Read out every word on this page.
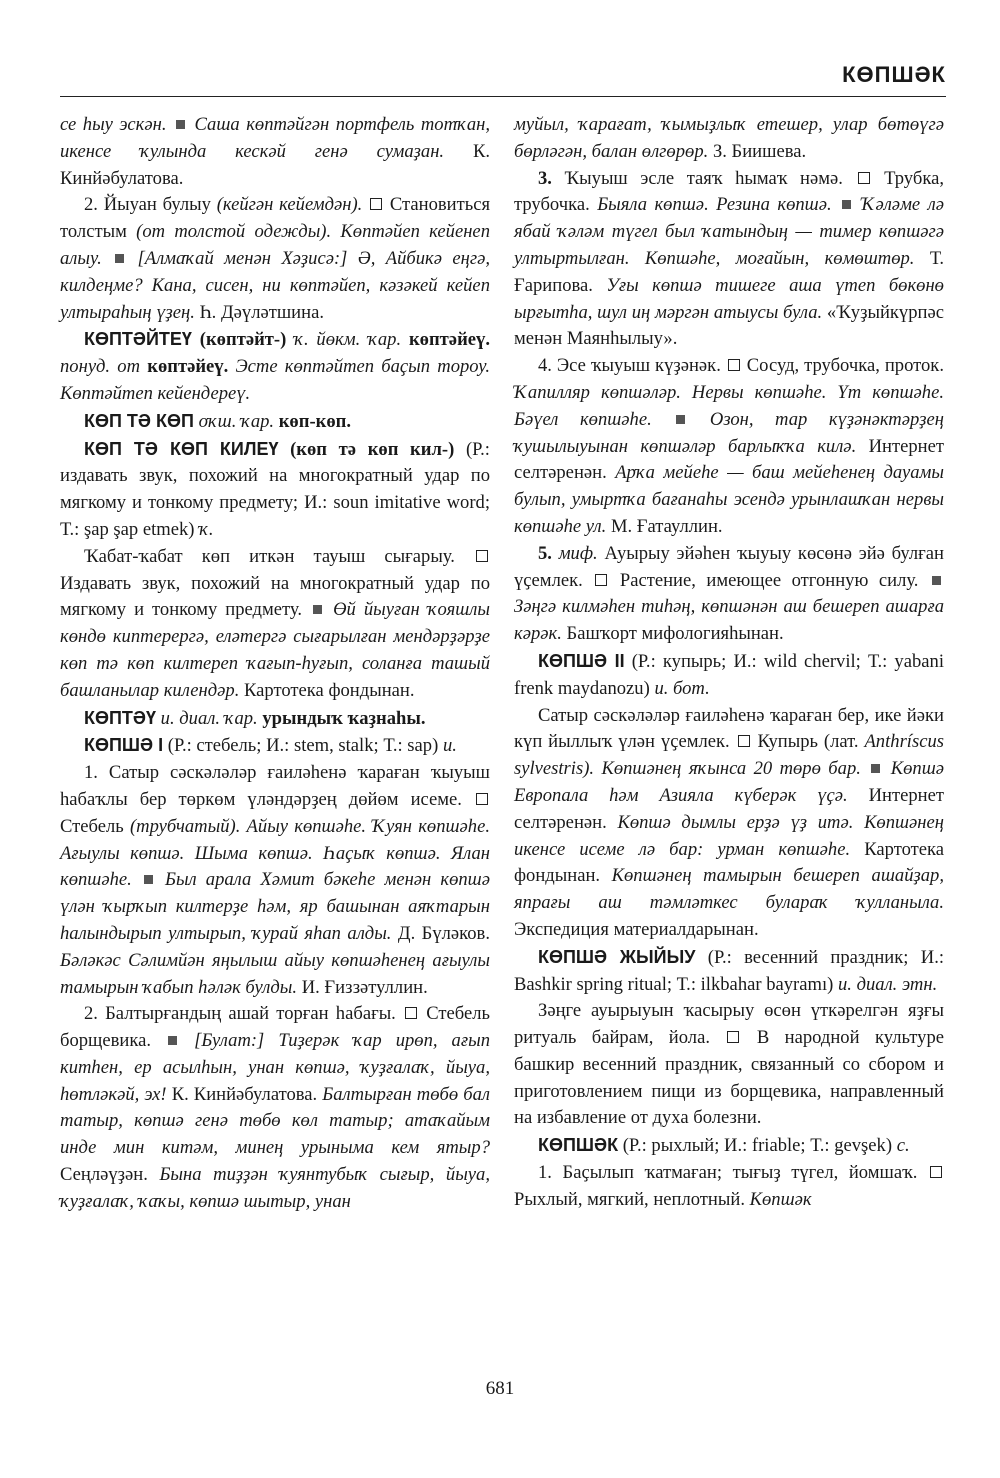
КӨПШӘК

се һыу эскән. Саша көптәйгән портфель тотҡан, икенсе ҡулында кескәй генә сумаҙан. К. Кинйәбулатова.

2. Йыуан булыу (кейгән кейемдән). Становиться толстым (от толстой одежды). Көптәйеп кейенеп алыу. [Алмаҡай менән Хәҙисә:] Ә, Айбикә еңгә, килдеңме? Кана, сисен, ни көптәйеп, кәзәкей кейеп ултыраһың үҙең. Һ. Дәүләтшина.

КӨПТӘЙТЕҮ (көптәйт-) ҡ. йөкм. ҡар. көптәйеү. понуд. от көптәйеү. Эсте көптәйтеп баҫып тороу. Көптәйтеп кейендереү.

КӨП ТӘ КӨП оҡш. ҡар. көп-көп.

КӨП ТӘ КӨП КИЛЕҮ (көп тә көп кил-) (Р.: издавать звук, похожий на многократный удар по мягкому и тонкому предмету; И.: soun imitative word; Т.: şap şap etmek) ҡ.

Ҡабат-ҡабат көп иткән тауыш сығарыу.  Издавать звук, похожий на многократный удар по мягкому и тонкому предмету. Өй йыуған ҡояшлы көндө киптерергә, еләтергә сығарылған мендәрҙәрҙе көп тә көп килтереп ҡағып-һуғып, соланға ташый башланылар килендәр. Картотека фондынан.

КӨПТӘҮ и. диал. ҡар. урындыҡ ҡаҙнаһы.

КӨПШӘ I (Р.: стебель; И.: stem, stalk; Т.: sap) и.

1. Сатыр сәскәләләр ғаиләһенә ҡараған ҡыуыш һабаҡлы бер төркөм үләндәрҙең дөйөм исеме.  Стебель (трубчатый). Айыу көпшәһе. Ҡуян көпшәһе. Ағыулы көпшә. Шыма көпшә. Һаҫыҡ көпшә. Ялан көпшәһе. Был арала Хәмит бәкеһе менән көпшә үлән ҡырҡып килтерҙе һәм, яр башынан аяҡтарын һалындырып ултырып, ҡурай яһап алды. Д. Бүләков. Бәләкәс Сәлимйән яңылыш айыу көпшәһенең ағыулы тамырын ҡабып һәләк булды. И. Ғиззәтуллин.

2. Балтырғандың ашай торған һабағы. Стебель борщевика. [Булат:] Тиҙерәк ҡар ирөп, ағып китһен, ер асылһын, унан көпшә, ҡуҙғалаҡ, йыуа, һөтләкәй, эх! К. Кинйәбулатова. Балтырған төбө бал татыр, көпшә генә төбө көл татыр; атаҡайым инде мин китәм, минең урыныма кем ятыр? Сеңләүҙән. Бына тиҙҙән ҡуянтубыҡ сығыр, йыуа, ҡуҙғалаҡ, ҡаҡы, көпшә шытыр, унан

муйыл, ҡарағат, ҡымыҙлыҡ етешер, улар бөтөүгә бөрләгән, балан өлгөрөр. З. Биишева.

3. Ҡыуыш эсле таяҡ һымаҡ нәмә. Трубка, трубочка. Быяла көпшә. Резина көпшә. Ҡәләме лә ябай ҡәләм түгел был ҡатындың — тимер көпшәгә ултыртылған. Көпшәһе, моғайын, көмөштөр. Т. Ғарипова. Уғы көпшә тишеге аша үтеп бөкөнө ырғытһа, шул иң мәргән атыусы була. «Ҡуҙыйкүрпәс менән Маянһылыу».

4. Эсе ҡыуыш күҙәнәк. Сосуд, трубочка, проток. Ҡапилляр көпшәләр. Нервы көпшәһе. Үт көпшәһе. Бәүел көпшәһе.	Озон, тар күҙәнәктәрҙең ҡушылыуынан көпшәләр барлыҡҡа килә. Интернет селтәренән. Арҡа мейеһе — баш мейеһенең дауамы булып, умыртҡа бағанаһы эсендә урынлашҡан нервы көпшәһе ул. М. Ғатауллин.

5. миф. Ауырыу эйәһен ҡыуыу көсөнә эйә булған үҫемлек. Растение, имеющее отгонную силу.  Зәңгә килмәһен тиһәң, көпшәнән аш бешереп ашарға кәрәк. Башҡорт мифологияһынан.

КӨПШӘ II (Р.: купырь; И.: wild chervil; Т.: yabani frenk maydanozu) и. бот.

Сатыр сәскәләләр ғаиләһенә ҡараған бер, ике йәки күп йыллыҡ үлән үҫемлек. Купырь (лат. Anthríscus sylvestris). Көпшәнең яҡынса 20 төрө бар. Көпшә Европала һәм Азияла күберәк үҫә. Интернет селтәренән. Көпшә дымлы ерҙә үҙ итә. Көпшәнең икенсе исеме лә бар: урман көпшәһе. Картотека фондынан. Көпшәнең тамырын бешереп ашайҙар, япрағы аш тәмләткес булараҡ ҡулланыла. Экспедиция материалдарынан.

КӨПШӘ ЖЫЙЫУ (Р.: весенний праздник; И.: Bashkir spring ritual; Т.: ilkbahar bayramı) и. диал. этн.

Зәңге ауырыуын ҡасырыу өсөн үткәрелгән яҙғы ритуаль байрам, йола.	В народной культуре башкир весенний праздник, связанный со сбором и приготовлением пищи из борщевика, направленный на избавление от духа болезни.

КӨПШӘК (Р.: рыхлый; И.: friable; Т.: gevşek) с.

1. Баҫылып ҡатмаған; тығыҙ түгел, йомшаҡ.  Рыхлый, мягкий, неплотный. Көпшәк

681
